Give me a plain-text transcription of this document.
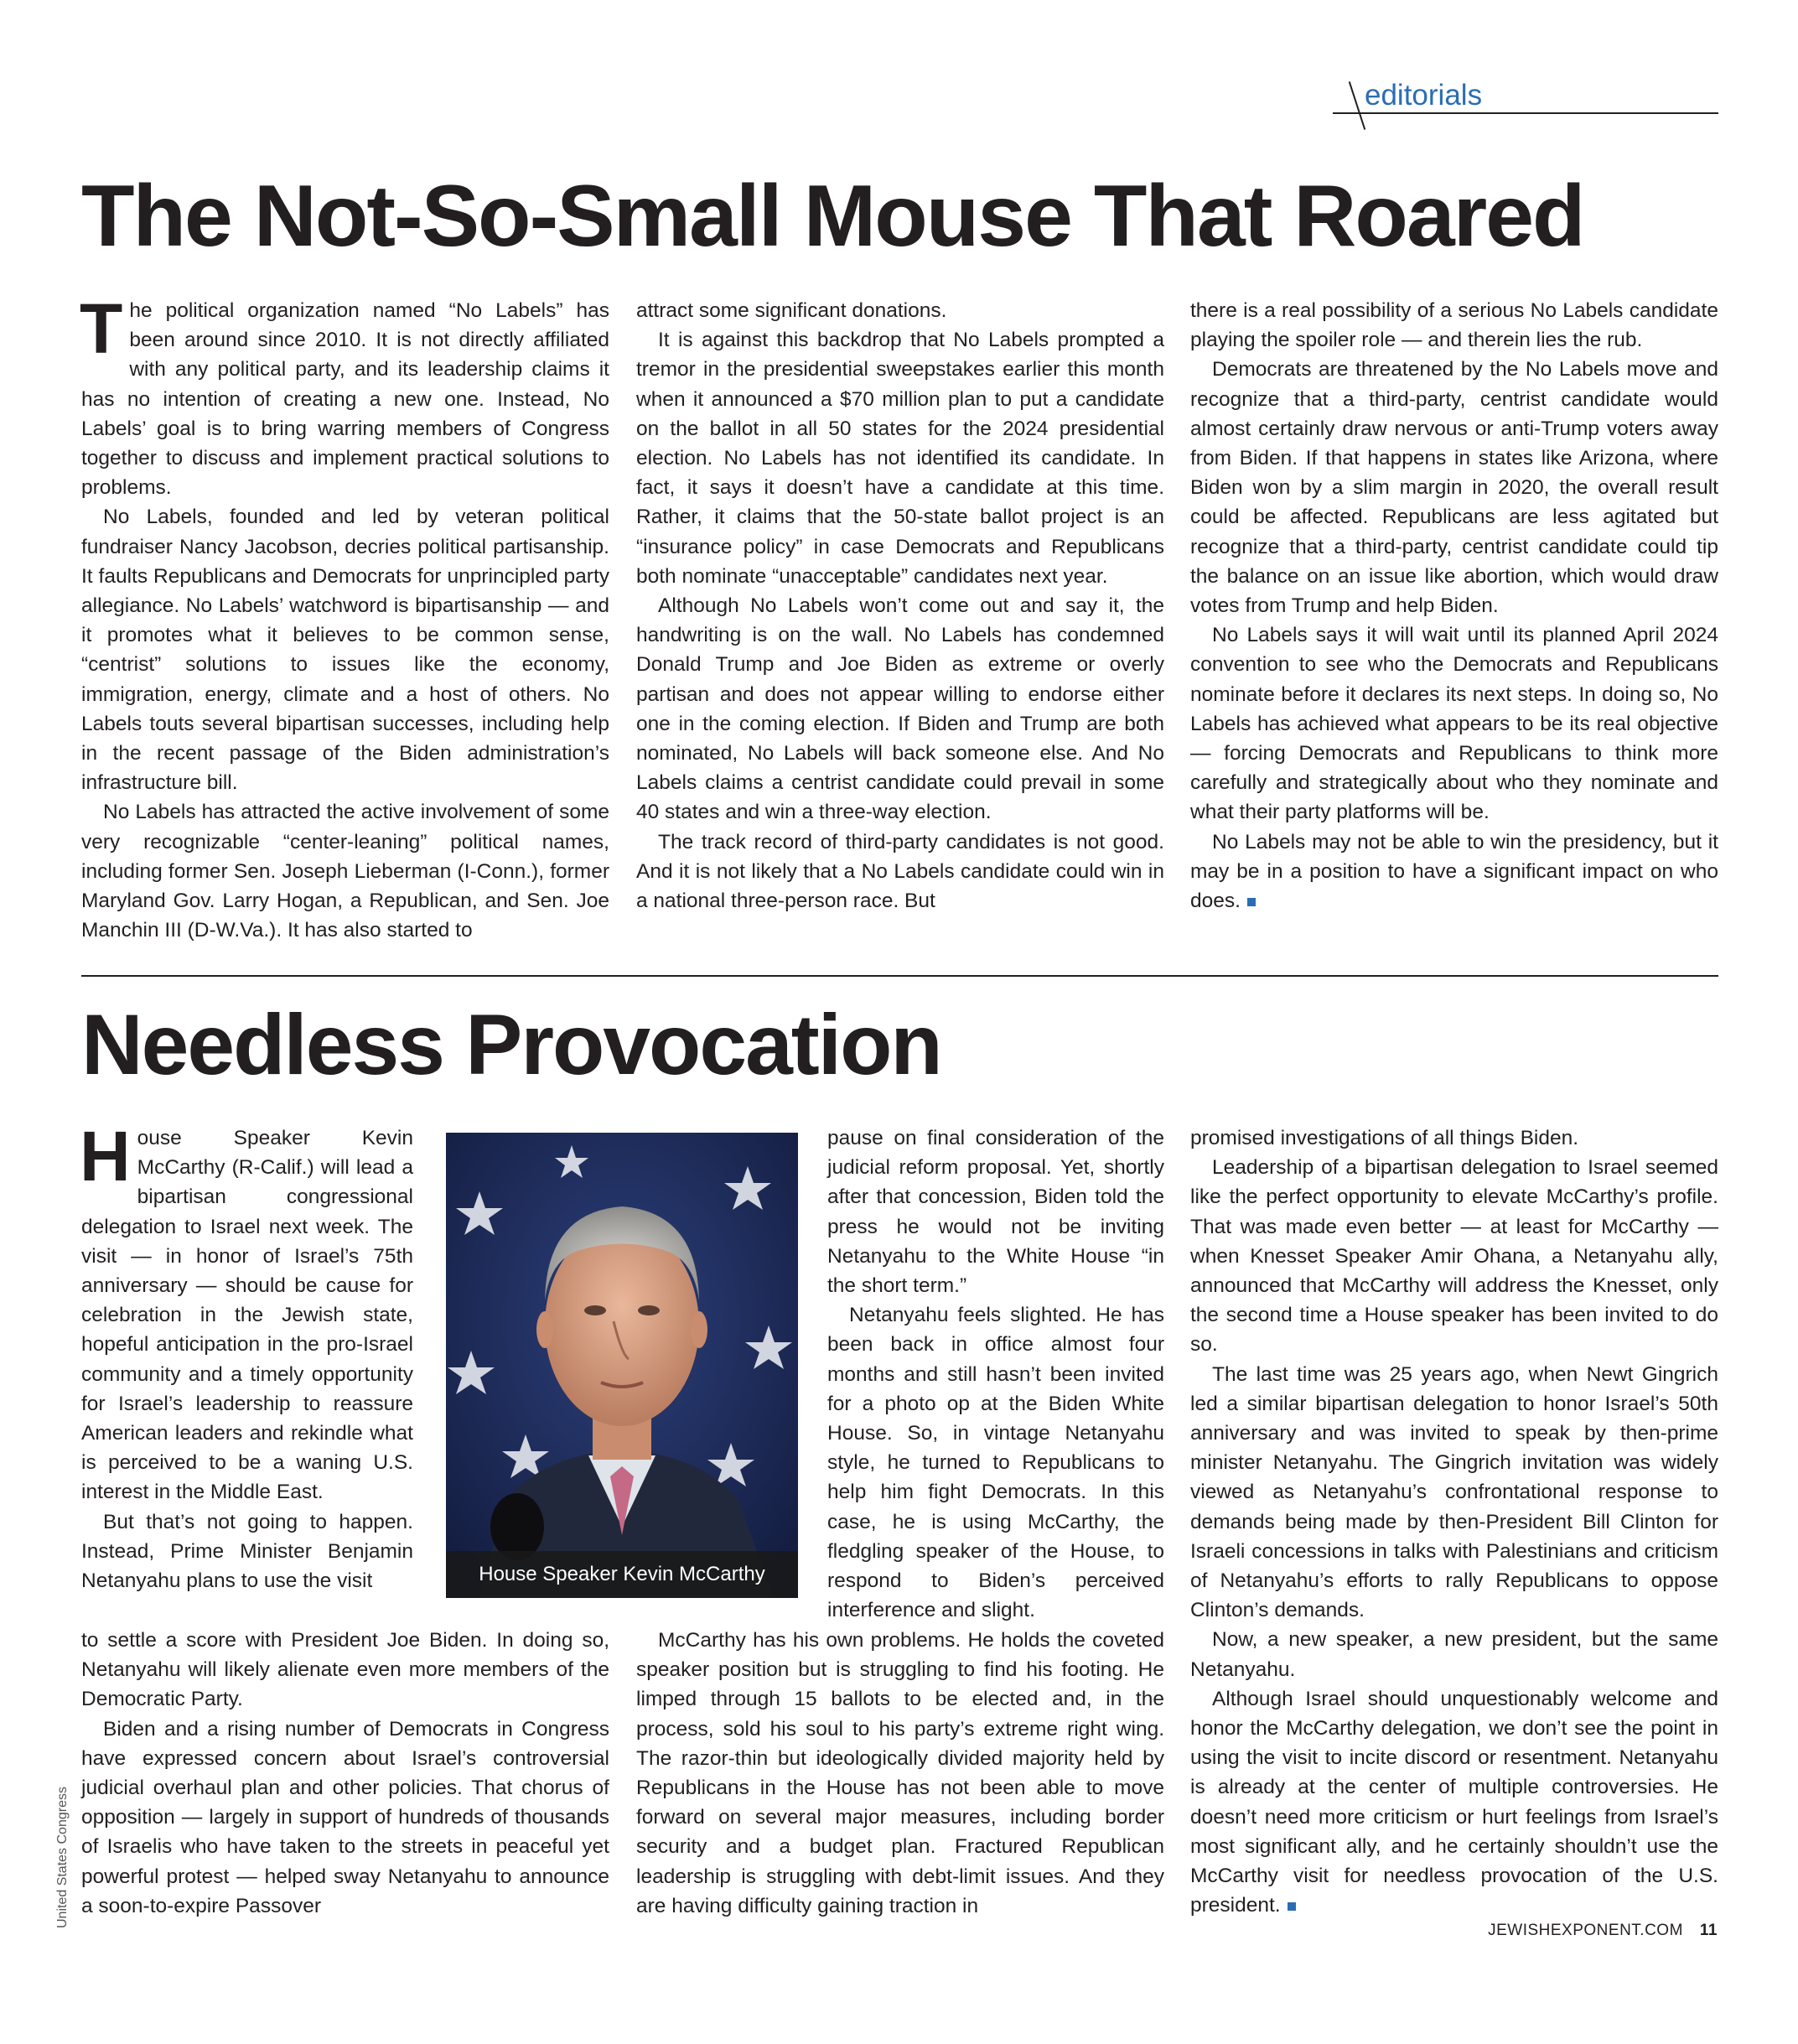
editorials
The Not-So-Small Mouse That Roared

The political organization named “No Labels” has been around since 2010. It is not directly affiliated with any political party, and its leadership claims it has no intention of creating a new one. Instead, No Labels’ goal is to bring warring members of Congress together to discuss and implement practical solutions to problems.

No Labels, founded and led by veteran political fundraiser Nancy Jacobson, decries political partisanship. It faults Republicans and Democrats for unprincipled party allegiance. No Labels’ watchword is bipartisanship — and it promotes what it believes to be common sense, “centrist” solutions to issues like the economy, immigration, energy, climate and a host of others. No Labels touts several bipartisan successes, including help in the recent passage of the Biden administration’s infrastructure bill.

No Labels has attracted the active involvement of some very recognizable “center-leaning” political names, including former Sen. Joseph Lieberman (I-Conn.), former Maryland Gov. Larry Hogan, a Republican, and Sen. Joe Manchin III (D-W.Va.). It has also started to

attract some significant donations.

It is against this backdrop that No Labels prompted a tremor in the presidential sweepstakes earlier this month when it announced a $70 million plan to put a candidate on the ballot in all 50 states for the 2024 presidential election. No Labels has not identified its candidate. In fact, it says it doesn’t have a candidate at this time. Rather, it claims that the 50-state ballot project is an “insurance policy” in case Democrats and Republicans both nominate “unacceptable” candidates next year.

Although No Labels won’t come out and say it, the handwriting is on the wall. No Labels has condemned Donald Trump and Joe Biden as extreme or overly partisan and does not appear willing to endorse either one in the coming election. If Biden and Trump are both nominated, No Labels will back someone else. And No Labels claims a centrist candidate could prevail in some 40 states and win a three-way election.

The track record of third-party candidates is not good. And it is not likely that a No Labels candidate could win in a national three-person race. But

there is a real possibility of a serious No Labels candidate playing the spoiler role — and therein lies the rub.

Democrats are threatened by the No Labels move and recognize that a third-party, centrist candidate would almost certainly draw nervous or anti-Trump voters away from Biden. If that happens in states like Arizona, where Biden won by a slim margin in 2020, the overall result could be affected. Republicans are less agitated but recognize that a third-party, centrist candidate could tip the balance on an issue like abortion, which would draw votes from Trump and help Biden.

No Labels says it will wait until its planned April 2024 convention to see who the Democrats and Republicans nominate before it declares its next steps. In doing so, No Labels has achieved what appears to be its real objective — forcing Democrats and Republicans to think more carefully and strategically about who they nominate and what their party platforms will be.

No Labels may not be able to win the presidency, but it may be in a position to have a significant impact on who does.

Needless Provocation

House Speaker Kevin McCarthy (R-Calif.) will lead a bipartisan congressional delegation to Israel next week. The visit — in honor of Israel’s 75th anniversary — should be cause for celebration in the Jewish state, hopeful anticipation in the pro-Israel community and a timely opportunity for Israel’s leadership to reassure American leaders and rekindle what is perceived to be a waning U.S. interest in the Middle East.

But that’s not going to happen. Instead, Prime Minister Benjamin Netanyahu plans to use the visit

to settle a score with President Joe Biden. In doing so, Netanyahu will likely alienate even more members of the Democratic Party.

Biden and a rising number of Democrats in Congress have expressed concern about Israel’s controversial judicial overhaul plan and other policies. That chorus of opposition — largely in support of hundreds of thousands of Israelis who have taken to the streets in peaceful yet powerful protest — helped sway Netanyahu to announce a soon-to-expire Passover

House Speaker Kevin McCarthy

pause on final consideration of the judicial reform proposal. Yet, shortly after that concession, Biden told the press he would not be inviting Netanyahu to the White House “in the short term.”

Netanyahu feels slighted. He has been back in office almost four months and still hasn’t been invited for a photo op at the Biden White House. So, in vintage Netanyahu style, he turned to Republicans to help him fight Democrats. In this case, he is using McCarthy, the fledgling speaker of the House, to respond to Biden’s perceived interference and slight.

McCarthy has his own problems. He holds the coveted speaker position but is struggling to find his footing. He limped through 15 ballots to be elected and, in the process, sold his soul to his party’s extreme right wing. The razor-thin but ideologically divided majority held by Republicans in the House has not been able to move forward on several major measures, including border security and a budget plan. Fractured Republican leadership is struggling with debt-limit issues. And they are having difficulty gaining traction in

promised investigations of all things Biden.

Leadership of a bipartisan delegation to Israel seemed like the perfect opportunity to elevate McCarthy’s profile. That was made even better — at least for McCarthy — when Knesset Speaker Amir Ohana, a Netanyahu ally, announced that McCarthy will address the Knesset, only the second time a House speaker has been invited to do so.

The last time was 25 years ago, when Newt Gingrich led a similar bipartisan delegation to honor Israel’s 50th anniversary and was invited to speak by then-prime minister Netanyahu. The Gingrich invitation was widely viewed as Netanyahu’s confrontational response to demands being made by then-President Bill Clinton for Israeli concessions in talks with Palestinians and criticism of Netanyahu’s efforts to rally Republicans to oppose Clinton’s demands.

Now, a new speaker, a new president, but the same Netanyahu.

Although Israel should unquestionably welcome and honor the McCarthy delegation, we don’t see the point in using the visit to incite discord or resentment. Netanyahu is already at the center of multiple controversies. He doesn’t need more criticism or hurt feelings from Israel’s most significant ally, and he certainly shouldn’t use the McCarthy visit for needless provocation of the U.S. president.

United States Congress
JEWISHEXPONENT.COM 11
